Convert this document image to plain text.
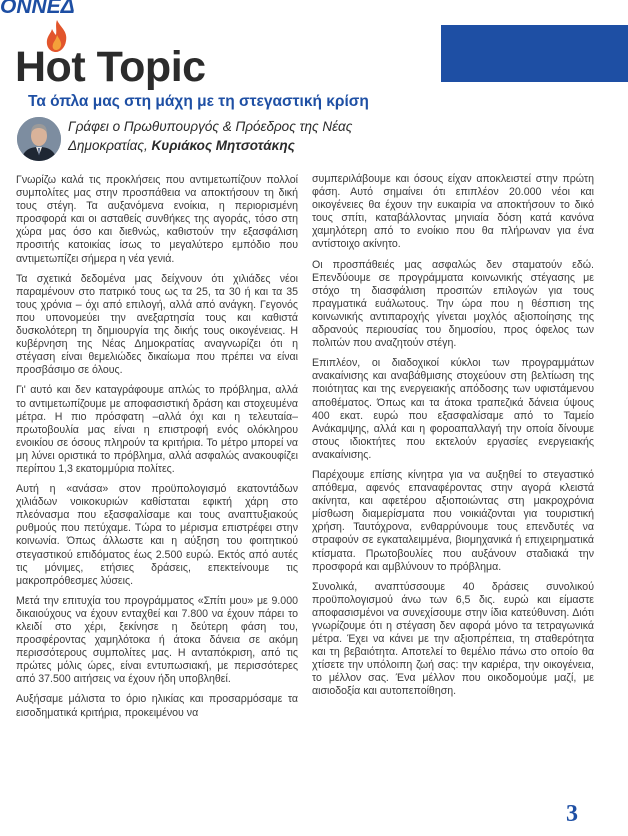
ΟΝΝΕΔ
Hot Topic
Τα όπλα μας στη μάχη με τη στεγαστική κρίση
Γράφει ο Πρωθυπουργός & Πρόεδρος της Νέας Δημοκρατίας, Κυριάκος Μητσοτάκης

Γνωρίζω καλά τις προκλήσεις που αντιμετωπίζουν πολλοί συμπολίτες μας στην προσπάθεια να αποκτήσουν τη δική τους στέγη. Τα αυξανόμενα ενοίκια, η περιορισμένη προσφορά και οι ασταθείς συνθήκες της αγοράς, τόσο στη χώρα μας όσο και διεθνώς, καθιστούν την εξασφάλιση προσιτής κατοικίας ίσως το μεγαλύτερο εμπόδιο που αντιμετωπίζει σήμερα η νέα γενιά.

Τα σχετικά δεδομένα μας δείχνουν ότι χιλιάδες νέοι παραμένουν στο πατρικό τους ως τα 25, τα 30 ή και τα 35 τους χρόνια – όχι από επιλογή, αλλά από ανάγκη. Γεγονός που υπονομεύει την ανεξαρτησία τους και καθιστά δυσκολότερη τη δημιουργία της δικής τους οικογένειας. Η κυβέρνηση της Νέας Δημοκρατίας αναγνωρίζει ότι η στέγαση είναι θεμελιώδες δικαίωμα που πρέπει να είναι προσβάσιμο σε όλους.

Γι' αυτό και δεν καταγράφουμε απλώς το πρόβλημα, αλλά το αντιμετωπίζουμε με αποφασιστική δράση και στοχευμένα μέτρα. Η πιο πρόσφατη –αλλά όχι και η τελευταία– πρωτοβουλία μας είναι η επιστροφή ενός ολόκληρου ενοικίου σε όσους πληρούν τα κριτήρια. Το μέτρο μπορεί να μη λύνει οριστικά το πρόβλημα, αλλά ασφαλώς ανακουφίζει περίπου 1,3 εκατομμύρια πολίτες.

Αυτή η «ανάσα» στον προϋπολογισμό εκατοντάδων χιλιάδων νοικοκυριών καθίσταται εφικτή χάρη στο πλεόνασμα που εξασφαλίσαμε και τους αναπτυξιακούς ρυθμούς που πετύχαμε. Τώρα το μέρισμα επιστρέφει στην κοινωνία. Όπως άλλωστε και η αύξηση του φοιτητικού στεγαστικού επιδόματος έως 2.500 ευρώ. Εκτός από αυτές τις μόνιμες, ετήσιες δράσεις, επεκτείνουμε τις μακροπρόθεσμες λύσεις.

Μετά την επιτυχία του προγράμματος «Σπίτι μου» με 9.000 δικαιούχους να έχουν ενταχθεί και 7.800 να έχουν πάρει το κλειδί στο χέρι, ξεκίνησε η δεύτερη φάση του, προσφέροντας χαμηλότοκα ή άτοκα δάνεια σε ακόμη περισσότερους συμπολίτες μας. Η ανταπόκριση, από τις πρώτες μόλις ώρες, είναι εντυπωσιακή, με περισσότερες από 37.500 αιτήσεις να έχουν ήδη υποβληθεί.

Αυξήσαμε μάλιστα το όριο ηλικίας και προσαρμόσαμε τα εισοδηματικά κριτήρια, προκειμένου να

συμπεριλάβουμε και όσους είχαν αποκλειστεί στην πρώτη φάση. Αυτό σημαίνει ότι επιπλέον 20.000 νέοι και οικογένειες θα έχουν την ευκαιρία να αποκτήσουν το δικό τους σπίτι, καταβάλλοντας μηνιαία δόση κατά κανόνα χαμηλότερη από το ενοίκιο που θα πλήρωναν για ένα αντίστοιχο ακίνητο.

Οι προσπάθειές μας ασφαλώς δεν σταματούν εδώ. Επενδύουμε σε προγράμματα κοινωνικής στέγασης με στόχο τη διασφάλιση προσιτών επιλογών για τους πραγματικά ευάλωτους. Την ώρα που η θέσπιση της κοινωνικής αντιπαροχής γίνεται μοχλός αξιοποίησης της αδρανούς περιουσίας του δημοσίου, προς όφελος των πολιτών που αναζητούν στέγη.

Επιπλέον, οι διαδοχικοί κύκλοι των προγραμμάτων ανακαίνισης και αναβάθμισης στοχεύουν στη βελτίωση της ποιότητας και της ενεργειακής απόδοσης των υφιστάμενου αποθέματος. Όπως και τα άτοκα τραπεζικά δάνεια ύψους 400 εκατ. ευρώ που εξασφαλίσαμε από το Ταμείο Ανάκαμψης, αλλά και η φοροαπαλλαγή την οποία δίνουμε στους ιδιοκτήτες που εκτελούν εργασίες ενεργειακής ανακαίνισης.

Παρέχουμε επίσης κίνητρα για να αυξηθεί το στεγαστικό απόθεμα, αφενός επαναφέροντας στην αγορά κλειστά ακίνητα, και αφετέρου αξιοποιώντας στη μακροχρόνια μίσθωση διαμερίσματα που νοικιάζονται για τουριστική χρήση. Ταυτόχρονα, ενθαρρύνουμε τους επενδυτές να στραφούν σε εγκαταλειμμένα, βιομηχανικά ή επιχειρηματικά κτίσματα. Πρωτοβουλίες που αυξάνουν σταδιακά την προσφορά και αμβλύνουν το πρόβλημα.

Συνολικά, αναπτύσσουμε 40 δράσεις συνολικού προϋπολογισμού άνω των 6,5 δις. ευρώ και είμαστε αποφασισμένοι να συνεχίσουμε στην ίδια κατεύθυνση. Διότι γνωρίζουμε ότι η στέγαση δεν αφορά μόνο τα τετραγωνικά μέτρα. Έχει να κάνει με την αξιοπρέπεια, τη σταθερότητα και τη βεβαιότητα. Αποτελεί το θεμέλιο πάνω στο οποίο θα χτίσετε την υπόλοιπη ζωή σας: την καριέρα, την οικογένεια, το μέλλον σας. Ένα μέλλον που οικοδομούμε μαζί, με αισιοδοξία και αυτοπεποίθηση.

3
